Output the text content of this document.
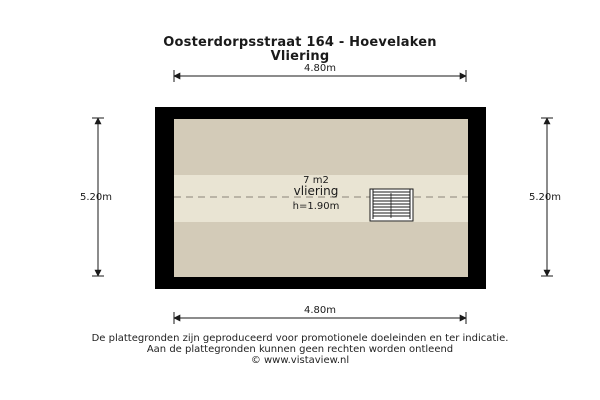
Oosterdorpsstraat 164 - Hoevelaken
Vliering
4.80m
4.80m
5.20m	5.20m
7 m2
vliering
h=1.90m
De plattegronden zijn geproduceerd voor promotionele doeleinden en ter indicatie.
Aan de plattegronden kunnen geen rechten worden ontleend
© www.vistaview.nl
